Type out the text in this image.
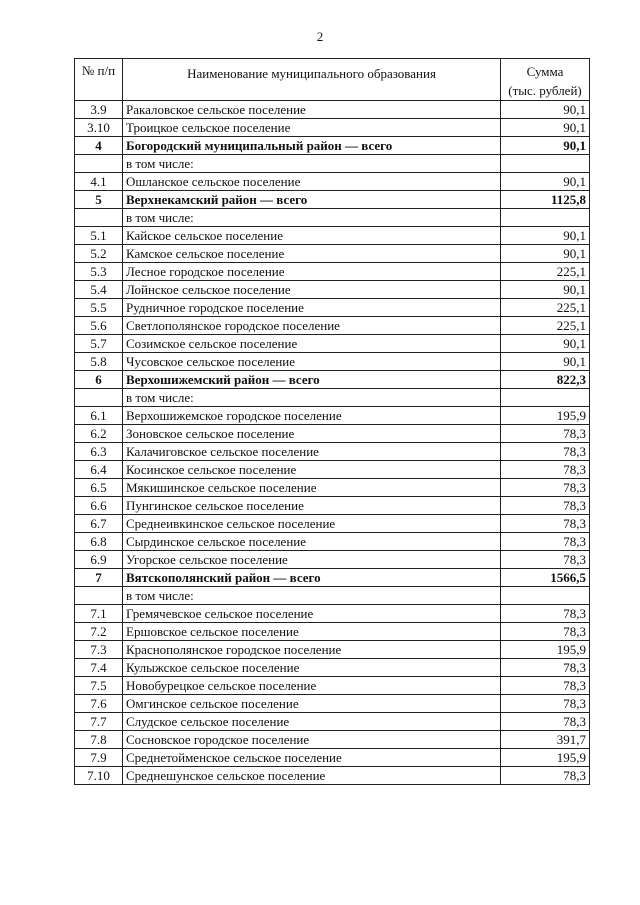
2
№ п/п	Наименование муниципального образования	Сумма
(тыс. рублей)
3.9	Ракаловское сельское поселение	90,1
3.10	Троицкое сельское поселение	90,1
4	Богородский муниципальный район — всего	90,1
	в том числе:	
4.1	Ошланское сельское поселение	90,1
5	Верхнекамский район — всего	1125,8
	в том числе:	
5.1	Кайское сельское поселение	90,1
5.2	Камское сельское поселение	90,1
5.3	Лесное городское поселение	225,1
5.4	Лойнское сельское поселение	90,1
5.5	Рудничное городское поселение	225,1
5.6	Светлополянское городское поселение	225,1
5.7	Созимское сельское поселение	90,1
5.8	Чусовское сельское поселение	90,1
6	Верхошижемский район — всего	822,3
	в том числе:	
6.1	Верхошижемское городское поселение	195,9
6.2	Зоновское сельское поселение	78,3
6.3	Калачиговское сельское поселение	78,3
6.4	Косинское сельское поселение	78,3
6.5	Мякишинское сельское поселение	78,3
6.6	Пунгинское сельское поселение	78,3
6.7	Среднеивкинское сельское поселение	78,3
6.8	Сырдинское сельское поселение	78,3
6.9	Угорское сельское поселение	78,3
7	Вятскополянский район — всего	1566,5
	в том числе:	
7.1	Гремячевское сельское поселение	78,3
7.2	Ершовское сельское поселение	78,3
7.3	Краснополянское городское поселение	195,9
7.4	Кулыжское сельское поселение	78,3
7.5	Новобурецкое сельское поселение	78,3
7.6	Омгинское сельское поселение	78,3
7.7	Слудское сельское поселение	78,3
7.8	Сосновское городское поселение	391,7
7.9	Среднетойменское сельское поселение	195,9
7.10	Среднешунское сельское поселение	78,3
